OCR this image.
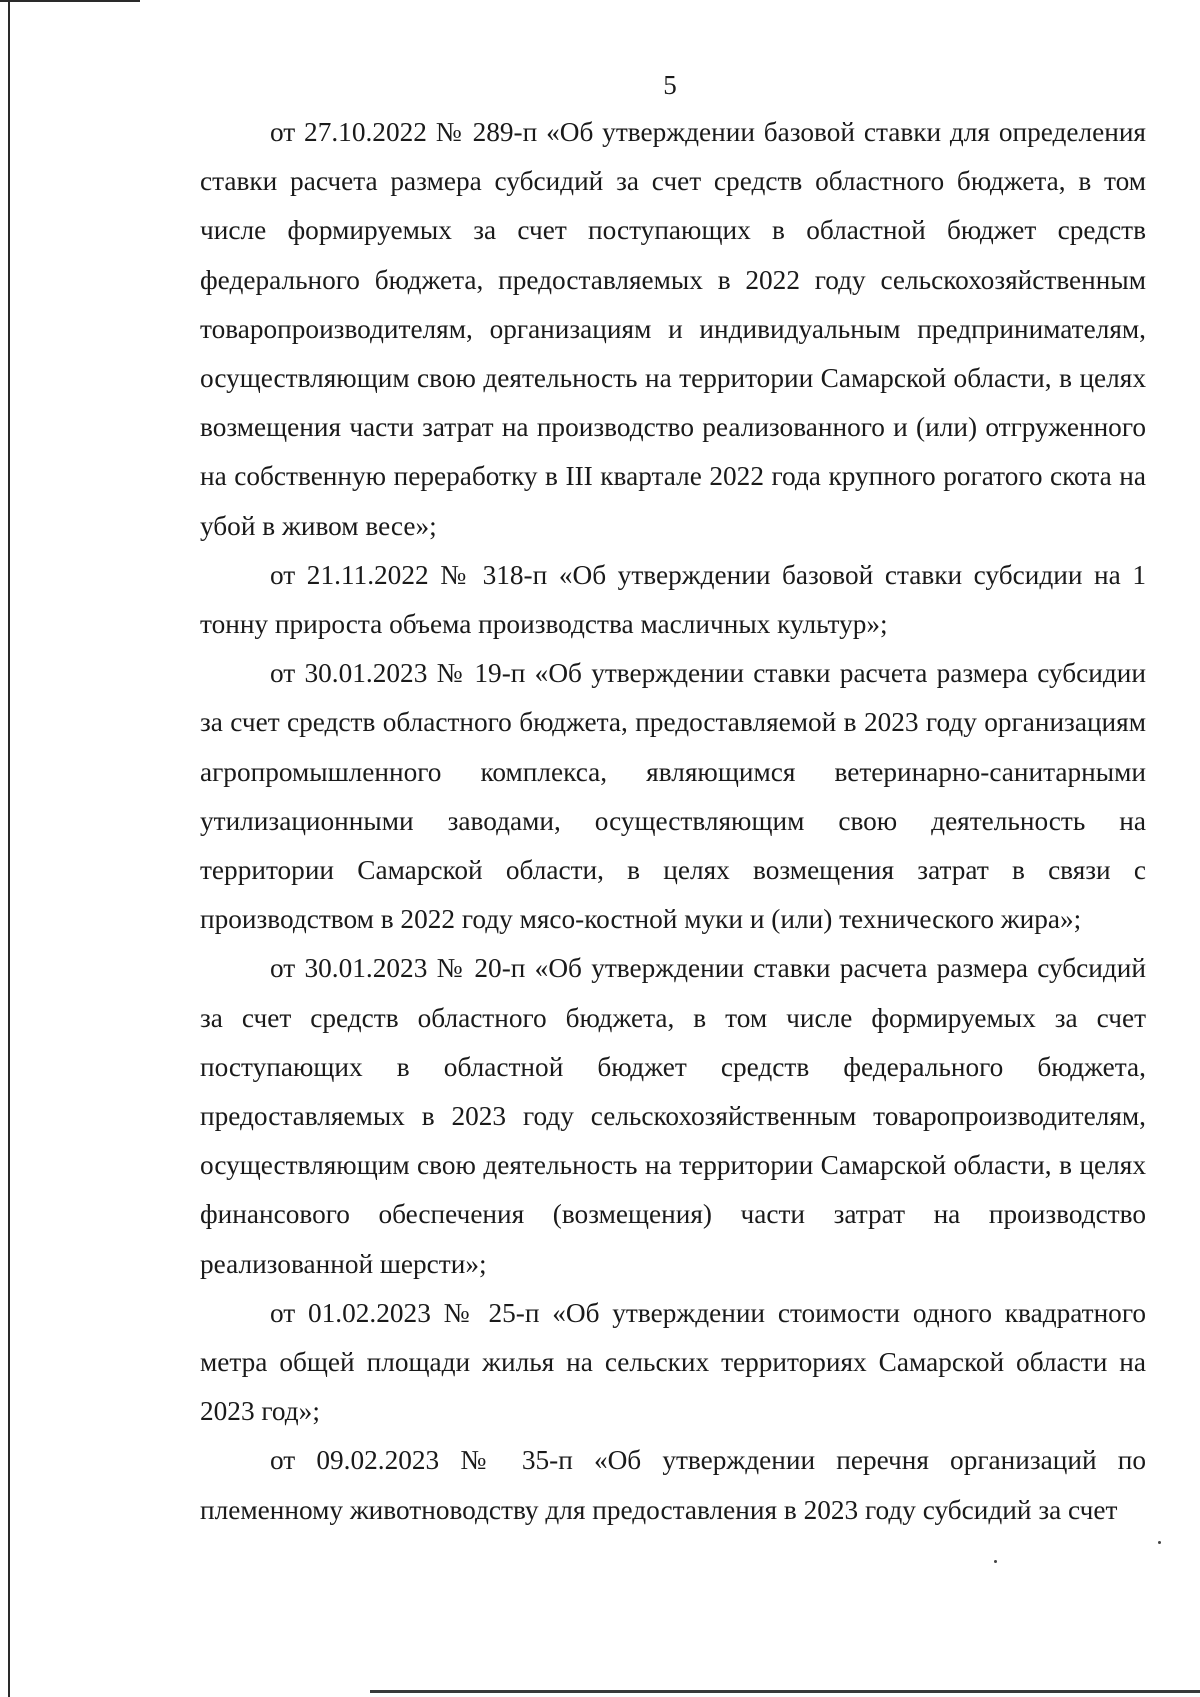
5

от 27.10.2022 № 289-п «Об утверждении базовой ставки для определения ставки расчета размера субсидий за счет средств областного бюджета, в том числе формируемых за счет поступающих в областной бюджет средств федерального бюджета, предоставляемых в 2022 году сельскохозяйственным товаропроизводителям, организациям и индивидуальным предпринимателям, осуществляющим свою деятельность на территории Самарской области, в целях возмещения части затрат на производство реализованного и (или) отгруженного на собственную переработку в III квартале 2022 года крупного рогатого скота на убой в живом весе»;

от 21.11.2022 № 318-п «Об утверждении базовой ставки субсидии на 1 тонну прироста объема производства масличных культур»;

от 30.01.2023 № 19-п «Об утверждении ставки расчета размера субсидии за счет средств областного бюджета, предоставляемой в 2023 году организациям агропромышленного комплекса, являющимся ветеринарно-санитарными утилизационными заводами, осуществляющим свою деятельность на территории Самарской области, в целях возмещения затрат в связи с производством в 2022 году мясо-костной муки и (или) технического жира»;

от 30.01.2023 № 20-п «Об утверждении ставки расчета размера субсидий за счет средств областного бюджета, в том числе формируемых за счет поступающих в областной бюджет средств федерального бюджета, предоставляемых в 2023 году сельскохозяйственным товаропроизводителям, осуществляющим свою деятельность на территории Самарской области, в целях финансового обеспечения (возмещения) части затрат на производство реализованной шерсти»;

от 01.02.2023 № 25-п «Об утверждении стоимости одного квадратного метра общей площади жилья на сельских территориях Самарской области на 2023 год»;

от 09.02.2023 № 35-п «Об утверждении перечня организаций по племенному животноводству для предоставления в 2023 году субсидий за счет
